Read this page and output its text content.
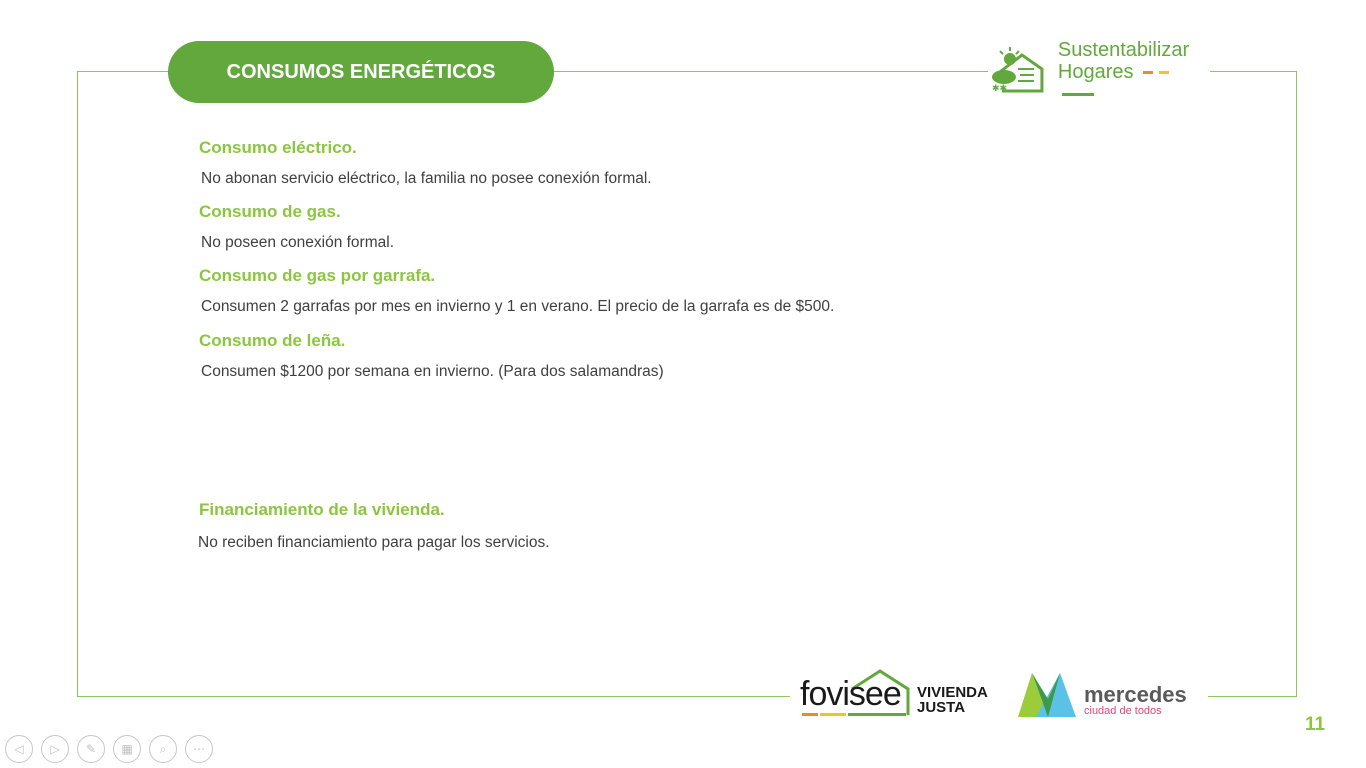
CONSUMOS ENERGÉTICOS
✱✱
Sustentabilizar
Hogares
Consumo eléctrico.
No abonan servicio eléctrico, la familia no posee conexión formal.
Consumo de gas.
No poseen conexión formal.
Consumo de gas por garrafa.
Consumen 2 garrafas por mes en invierno y 1 en verano. El precio de la garrafa es de $500.
Consumo de leña.
Consumen $1200 por semana en invierno. (Para dos salamandras)
Financiamiento de la vivienda.
No reciben financiamiento para pagar los servicios.
fovisee VIVIENDA
JUSTA
mercedes
ciudad de todos
11
◁	▷	✎	▦	⌕	⋯
